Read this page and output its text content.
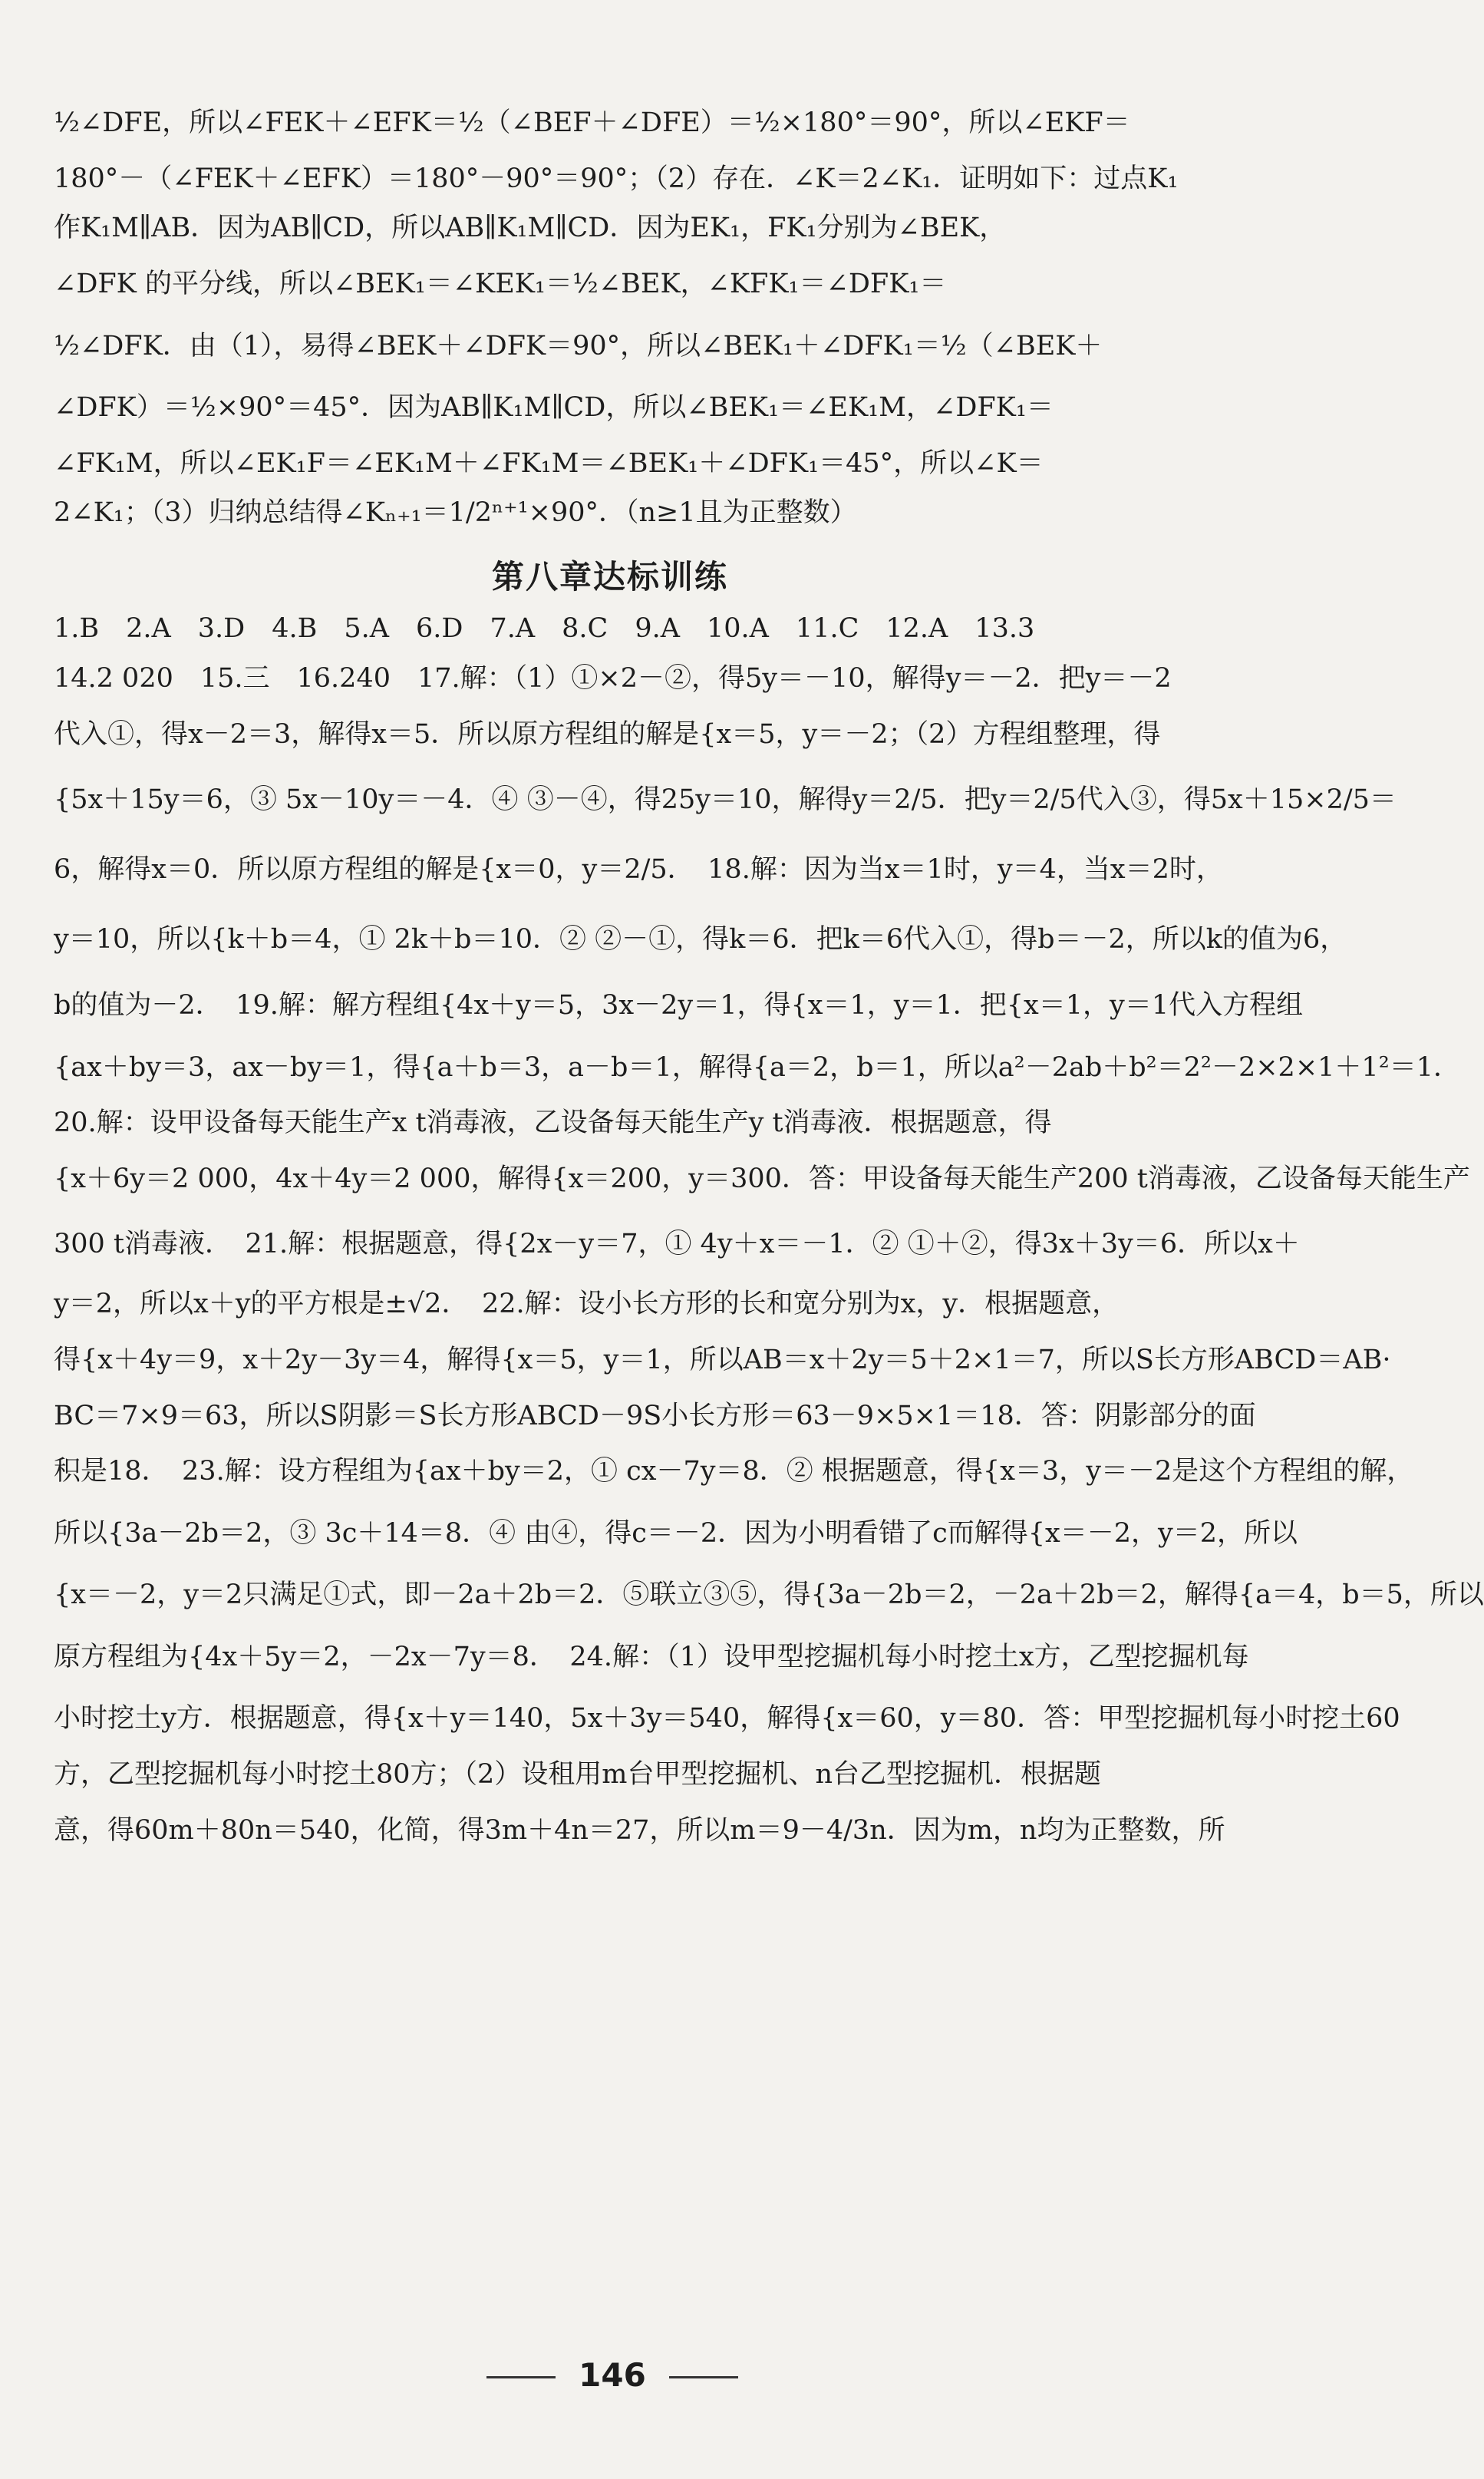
½∠DFE，所以∠FEK＋∠EFK＝½（∠BEF＋∠DFE）＝½×180°＝90°，所以∠EKF＝
180°－（∠FEK＋∠EFK）＝180°－90°＝90°；（2）存在．∠K＝2∠K₁．证明如下：过点K₁
作K₁M∥AB．因为AB∥CD，所以AB∥K₁M∥CD．因为EK₁，FK₁分别为∠BEK，
∠DFK 的平分线，所以∠BEK₁＝∠KEK₁＝½∠BEK，∠KFK₁＝∠DFK₁＝
½∠DFK．由（1），易得∠BEK＋∠DFK＝90°，所以∠BEK₁＋∠DFK₁＝½（∠BEK＋
∠DFK）＝½×90°＝45°．因为AB∥K₁M∥CD，所以∠BEK₁＝∠EK₁M，∠DFK₁＝
∠FK₁M，所以∠EK₁F＝∠EK₁M＋∠FK₁M＝∠BEK₁＋∠DFK₁＝45°，所以∠K＝
2∠K₁；（3）归纳总结得∠Kₙ₊₁＝1/2ⁿ⁺¹×90°．（n≥1且为正整数）
第八章达标训练
1.B　2.A　3.D　4.B　5.A　6.D　7.A　8.C　9.A　10.A　11.C　12.A　13.3
14.2 020　15.三　16.240　17.解：（1）①×2－②，得5y＝－10，解得y＝－2．把y＝－2
代入①，得x－2＝3，解得x＝5．所以原方程组的解是{x＝5，y＝－2；（2）方程组整理，得
{5x＋15y＝6，③ 5x－10y＝－4．④ ③－④，得25y＝10，解得y＝2/5．把y＝2/5代入③，得5x＋15×2/5＝
6，解得x＝0．所以原方程组的解是{x＝0，y＝2/5．　18.解：因为当x＝1时，y＝4，当x＝2时，
y＝10，所以{k＋b＝4，① 2k＋b＝10．② ②－①，得k＝6．把k＝6代入①，得b＝－2，所以k的值为6，
b的值为－2．　19.解：解方程组{4x＋y＝5，3x－2y＝1，得{x＝1，y＝1．把{x＝1，y＝1代入方程组
{ax＋by＝3，ax－by＝1，得{a＋b＝3，a－b＝1，解得{a＝2，b＝1，所以a²－2ab＋b²＝2²－2×2×1＋1²＝1．
20.解：设甲设备每天能生产x t消毒液，乙设备每天能生产y t消毒液．根据题意，得
{x＋6y＝2 000，4x＋4y＝2 000，解得{x＝200，y＝300．答：甲设备每天能生产200 t消毒液，乙设备每天能生产
300 t消毒液．　21.解：根据题意，得{2x－y＝7，① 4y＋x＝－1．② ①＋②，得3x＋3y＝6．所以x＋
y＝2，所以x＋y的平方根是±√2．　22.解：设小长方形的长和宽分别为x，y．根据题意，
得{x＋4y＝9，x＋2y－3y＝4，解得{x＝5，y＝1，所以AB＝x＋2y＝5＋2×1＝7，所以S长方形ABCD＝AB·
BC＝7×9＝63，所以S阴影＝S长方形ABCD－9S小长方形＝63－9×5×1＝18．答：阴影部分的面
积是18．　23.解：设方程组为{ax＋by＝2，① cx－7y＝8．② 根据题意，得{x＝3，y＝－2是这个方程组的解，
所以{3a－2b＝2，③ 3c＋14＝8．④ 由④，得c＝－2．因为小明看错了c而解得{x＝－2，y＝2，所以
{x＝－2，y＝2只满足①式，即－2a＋2b＝2．⑤联立③⑤，得{3a－2b＝2，－2a＋2b＝2，解得{a＝4，b＝5，所以
原方程组为{4x＋5y＝2，－2x－7y＝8．　24.解：（1）设甲型挖掘机每小时挖土x方，乙型挖掘机每
小时挖土y方．根据题意，得{x＋y＝140，5x＋3y＝540，解得{x＝60，y＝80．答：甲型挖掘机每小时挖土60
方，乙型挖掘机每小时挖土80方；（2）设租用m台甲型挖掘机、n台乙型挖掘机．根据题
意，得60m＋80n＝540，化简，得3m＋4n＝27，所以m＝9－4/3n．因为m，n均为正整数，所
146
